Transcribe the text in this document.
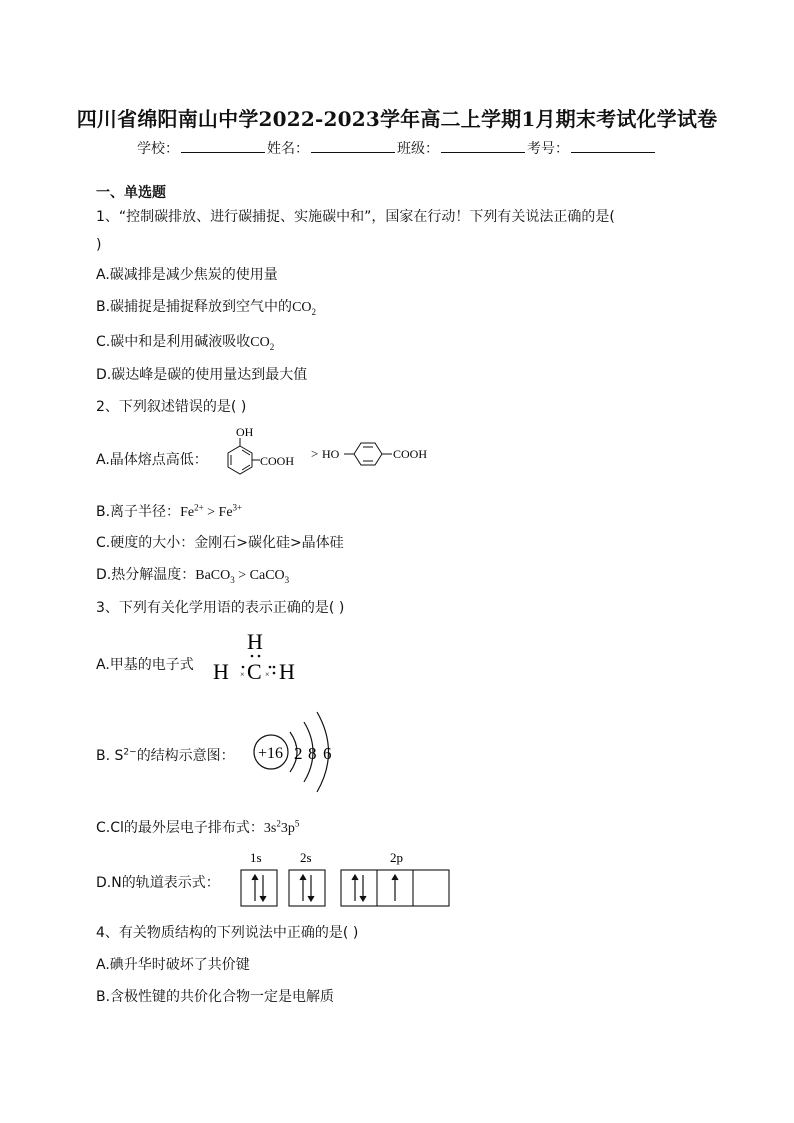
四川省绵阳南山中学2022-2023学年高二上学期1月期末考试化学试卷
学校：	姓名：	班级：	考号：
一、单选题
1、“控制碳排放、进行碳捕捉、实施碳中和”，国家在行动！下列有关说法正确的是(
)
A.碳减排是减少焦炭的使用量
B.碳捕捉是捕捉释放到空气中的$CO_2$
C.碳中和是利用碱液吸收$CO_2$
D.碳达峰是碳的使用量达到最大值
2、下列叙述错误的是( )
A.晶体熔点高低：
OH
COOH > HO	COOH
B.离子半径：$Fe^{2+} > Fe^{3+}$
C.硬度的大小：金刚石>碳化硅>晶体硅
D.热分解温度：BaCO$_3$ > CaCO$_3$
3、下列有关化学用语的表示正确的是( )
A.甲基的电子式
H
H C H
×	×
B. $S^{2-}$的结构示意图： +16 2 8 6
C.Cl的最外层电子排布式：$3s^23p^5$
D.N的轨道表示式：
1s	2s	2p
4、有关物质结构的下列说法中正确的是( )
A.碘升华时破坏了共价键
B.含极性键的共价化合物一定是电解质
